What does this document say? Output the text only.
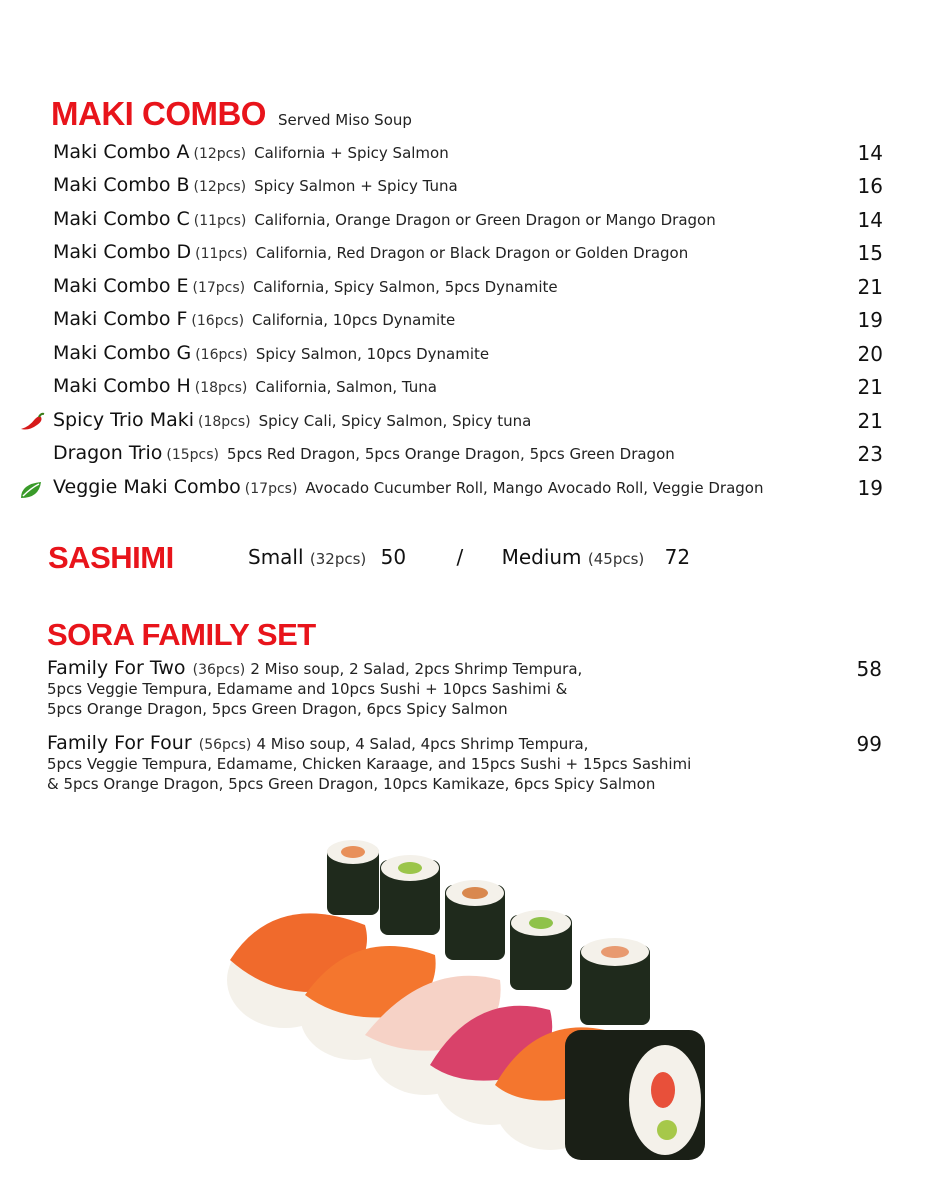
MAKI COMBO Served Miso Soup
Maki Combo A (12pcs) California + Spicy Salmon	14
Maki Combo B (12pcs) Spicy Salmon + Spicy Tuna	16
Maki Combo C (11pcs) California, Orange Dragon or Green Dragon or Mango Dragon	14
Maki Combo D (11pcs) California, Red Dragon or Black Dragon or Golden Dragon	15
Maki Combo E (17pcs) California, Spicy Salmon, 5pcs Dynamite	21
Maki Combo F (16pcs) California, 10pcs Dynamite	19
Maki Combo G (16pcs) Spicy Salmon, 10pcs Dynamite	20
Maki Combo H (18pcs) California, Salmon, Tuna	21
Spicy Trio Maki (18pcs) Spicy Cali, Spicy Salmon, Spicy tuna	21
Dragon Trio (15pcs) 5pcs Red Dragon, 5pcs Orange Dragon, 5pcs Green Dragon	23
Veggie Maki Combo (17pcs) Avocado Cucumber Roll, Mango Avocado Roll, Veggie Dragon	19
SASHIMI	Small (32pcs) 50	/ Medium (45pcs) 72
SORA FAMILY SET
Family For Two (36pcs) 2 Miso soup, 2 Salad, 2pcs Shrimp Tempura,
5pcs Veggie Tempura, Edamame and 10pcs Sushi + 10pcs Sashimi &
5pcs Orange Dragon, 5pcs Green Dragon, 6pcs Spicy Salmon
58
Family For Four (56pcs) 4 Miso soup, 4 Salad, 4pcs Shrimp Tempura,
5pcs Veggie Tempura, Edamame, Chicken Karaage, and 15pcs Sushi + 15pcs Sashimi
& 5pcs Orange Dragon, 5pcs Green Dragon, 10pcs Kamikaze, 6pcs Spicy Salmon
99
